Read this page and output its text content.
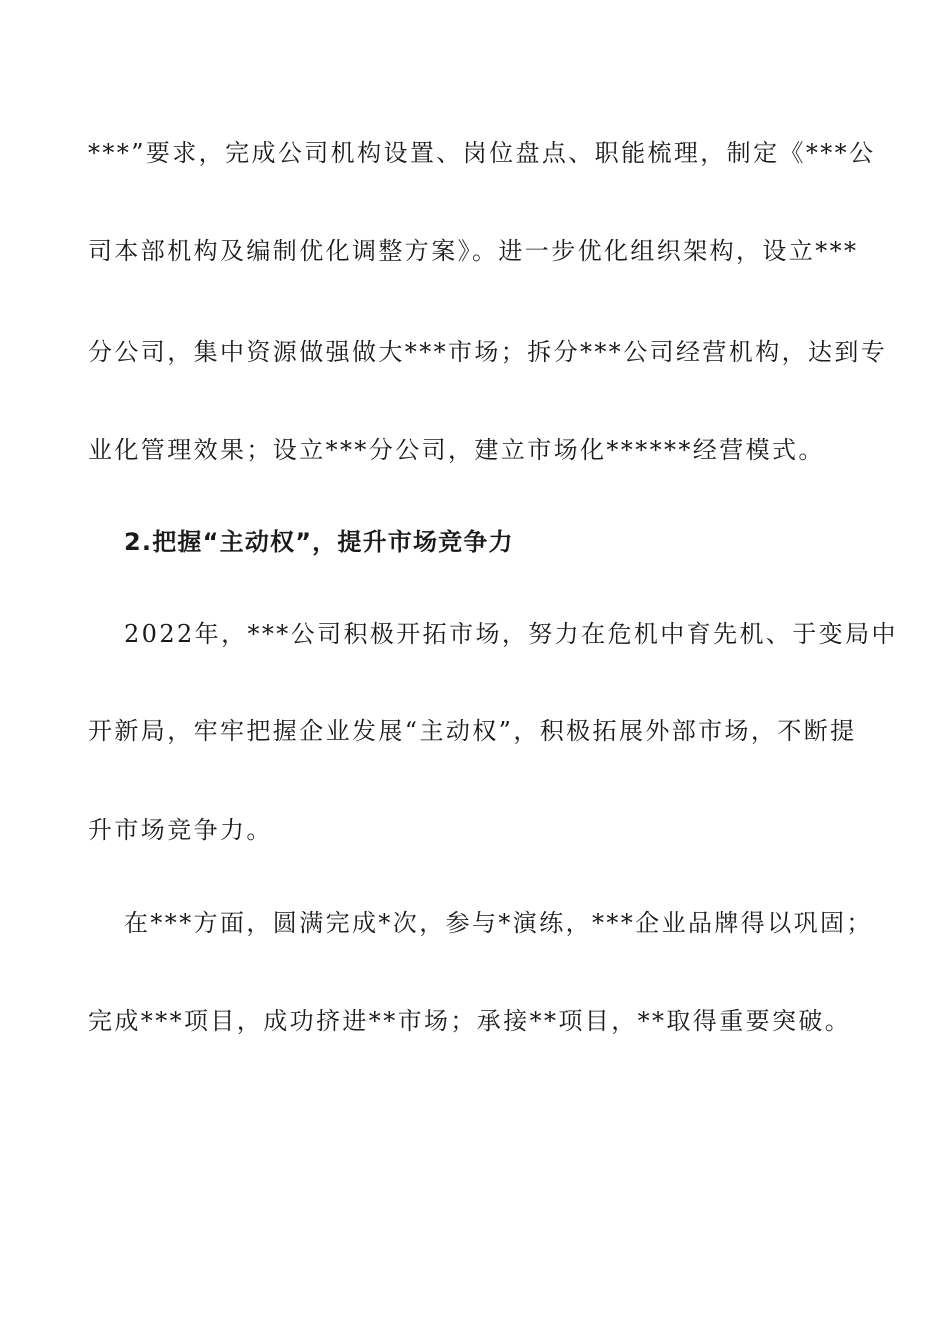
***”要求，完成公司机构设置、岗位盘点、职能梳理，制定《***公
司本部机构及编制优化调整方案》。进一步优化组织架构，设立***
分公司，集中资源做强做大***市场；拆分***公司经营机构，达到专
业化管理效果；设立***分公司，建立市场化******经营模式。
2.把握“主动权”，提升市场竞争力
2022年，***公司积极开拓市场，努力在危机中育先机、于变局中
开新局，牢牢把握企业发展“主动权”，积极拓展外部市场，不断提
升市场竞争力。
在***方面，圆满完成*次，参与*演练，***企业品牌得以巩固；
完成***项目，成功挤进**市场；承接**项目，**取得重要突破。
